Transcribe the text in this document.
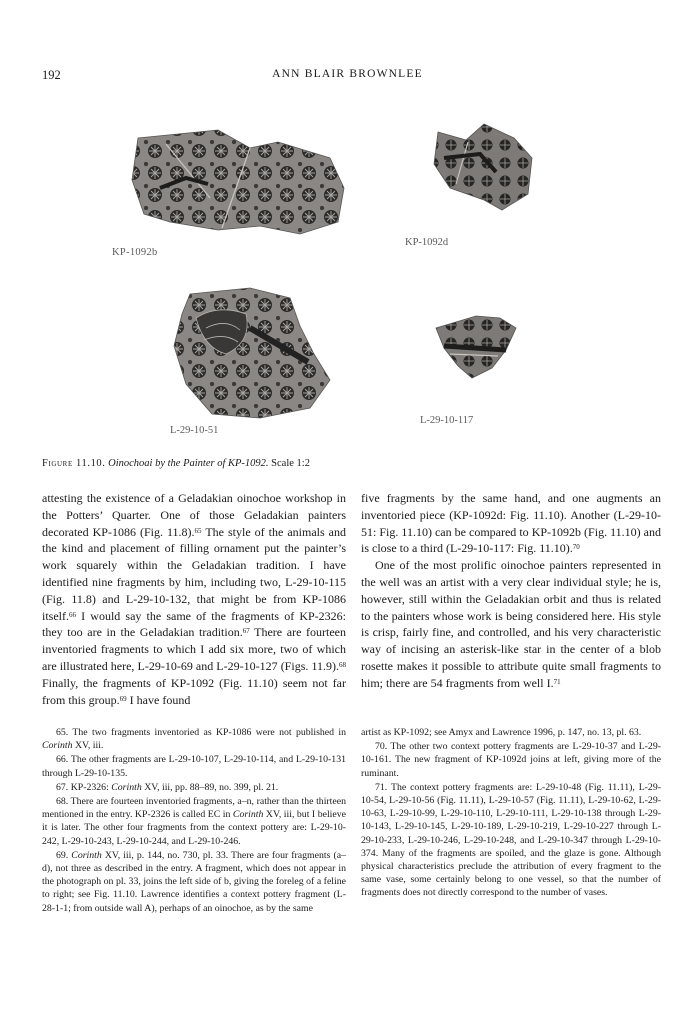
192	ANN BLAIR BROWNLEE
KP-1092b
KP-1092d
L-29-10-51
L-29-10-117
Figure 11.10. Oinochoai by the Painter of KP-1092. Scale 1:2

attesting the existence of a Geladakian oinochoe workshop in the Potters’ Quarter. One of those Geladakian painters decorated KP-1086 (Fig. 11.8).$^{65}$ The style of the animals and the kind and placement of filling ornament put the painter’s work squarely within the Geladakian tradition. I have identified nine fragments by him, including two, L-29-10-115 (Fig. 11.8) and L-29-10-132, that might be from KP-1086 itself.$^{66}$ I would say the same of the fragments of KP-2326: they too are in the Geladakian tradition.$^{67}$ There are fourteen inventoried fragments to which I add six more, two of which are illustrated here, L-29-10-69 and L-29-10-127 (Figs. 11.9).$^{68}$ Finally, the fragments of KP-1092 (Fig. 11.10) seem not far from this group.$^{69}$ I have found

five fragments by the same hand, and one augments an inventoried piece (KP-1092d: Fig. 11.10). Another (L-29-10-51: Fig. 11.10) can be compared to KP-1092b (Fig. 11.10) and is close to a third (L-29-10-117: Fig. 11.10).$^{70}$

One of the most prolific oinochoe painters represented in the well was an artist with a very clear individual style; he is, however, still within the Geladakian orbit and thus is related to the painters whose work is being considered here. His style is crisp, fairly fine, and controlled, and his very characteristic way of incising an asterisk-like star in the center of a blob rosette makes it possible to attribute quite small fragments to him; there are 54 fragments from well I.$^{71}$

65. The two fragments inventoried as KP-1086 were not published in Corinth XV, iii.

66. The other fragments are L-29-10-107, L-29-10-114, and L-29-10-131 through L-29-10-135.

67. KP-2326: Corinth XV, iii, pp. 88–89, no. 399, pl. 21.

68. There are fourteen inventoried fragments, a–n, rather than the thirteen mentioned in the entry. KP-2326 is called EC in Corinth XV, iii, but I believe it is later. The other four fragments from the context pottery are: L-29-10-242, L-29-10-243, L-29-10-244, and L-29-10-246.

69. Corinth XV, iii, p. 144, no. 730, pl. 33. There are four fragments (a–d), not three as described in the entry. A fragment, which does not appear in the photograph on pl. 33, joins the left side of b, giving the foreleg of a feline to right; see Fig. 11.10. Lawrence identifies a context pottery fragment (L-28-1-1; from outside wall A), perhaps of an oinochoe, as by the same

artist as KP-1092; see Amyx and Lawrence 1996, p. 147, no. 13, pl. 63.

70. The other two context pottery fragments are L-29-10-37 and L-29-10-161. The new fragment of KP-1092d joins at left, giving more of the ruminant.

71. The context pottery fragments are: L-29-10-48 (Fig. 11.11), L-29-10-54, L-29-10-56 (Fig. 11.11), L-29-10-57 (Fig. 11.11), L-29-10-62, L-29-10-63, L-29-10-99, L-29-10-110, L-29-10-111, L-29-10-138 through L-29-10-143, L-29-10-145, L-29-10-189, L-29-10-219, L-29-10-227 through L-29-10-233, L-29-10-246, L-29-10-248, and L-29-10-347 through L-29-10-374. Many of the fragments are spoiled, and the glaze is gone. Although physical characteristics preclude the attribution of every fragment to the same vase, some certainly belong to one vessel, so that the number of fragments does not directly correspond to the number of vases.
